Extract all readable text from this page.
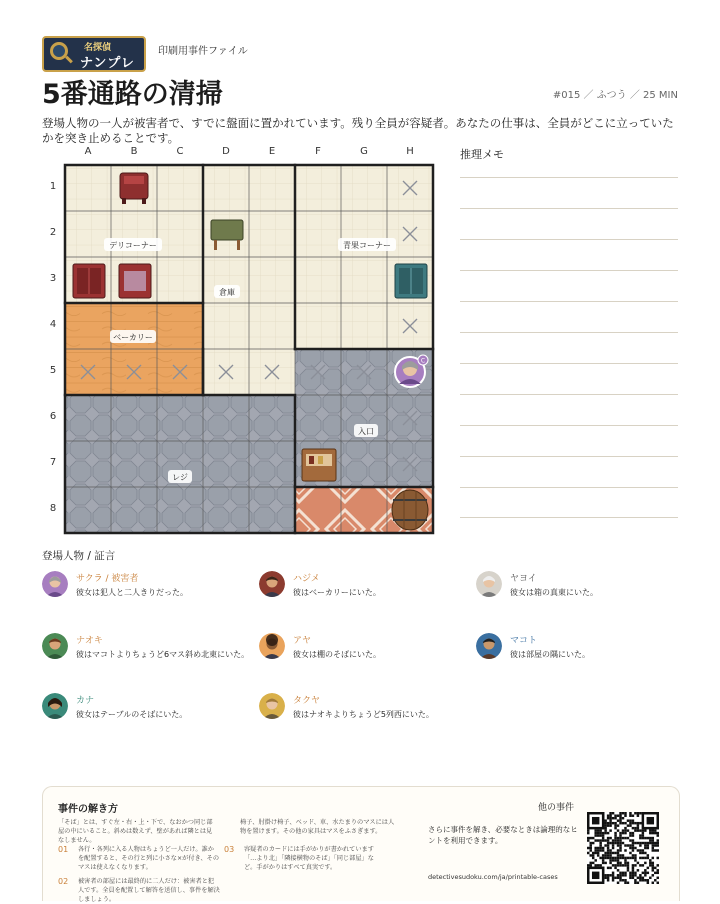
名探偵
ナンプレ
印刷用事件ファイル
5番通路の清掃	#015 ／ ふつう ／ 25 MIN
登場人物の一人が被害者で、すでに盤面に置かれています。残り全員が容疑者。あなたの仕事は、全員がどこに立っていたかを突き止めることです。
A	B	C	D	E	F	G	H
1
2
3
4
5
6
7
8
デリコーナー	青果コーナー
倉庫
ベーカリー
入口
レジ
C
推理メモ
登場人物 / 証言
サクラ / 被害者
彼女は犯人と二人きりだった。
ハジメ
彼はベーカリーにいた。
ヤヨイ
彼女は箱の真東にいた。
ナオキ
彼はマコトよりちょうど6マス斜め北東にいた。
アヤ
彼女は棚のそばにいた。
マコト
彼は部屋の隅にいた。
カナ
彼女はテーブルのそばにいた。
タクヤ
彼はナオキよりちょうど5列西にいた。
事件の解き方
「そば」とは、すぐ左・右・上・下で、なおかつ同じ部屋の中にいること。斜めは数えず、壁があれば隣とは見なしません。
椅子、肘掛け椅子、ベッド、車、水たまりのマスには人物を置けます。その他の家具はマスをふさぎます。
01 各行・各列に入る人物はちょうど一人だけ。誰かを配置すると、その行と列に小さな×が付き、そのマスは使えなくなります。
02 被害者の部屋には最終的に二人だけ：被害者と犯人です。全員を配置して解答を送信し、事件を解決しましょう。
03 容疑者のカードには手がかりが書かれています「…より北」「隣接横物のそば」「同じ部屋」など。手がかりはすべて真実です。
他の事件
さらに事件を解き、必要なときは論理的なヒントを利用できます。
detectivesudoku.com/ja/printable-cases
